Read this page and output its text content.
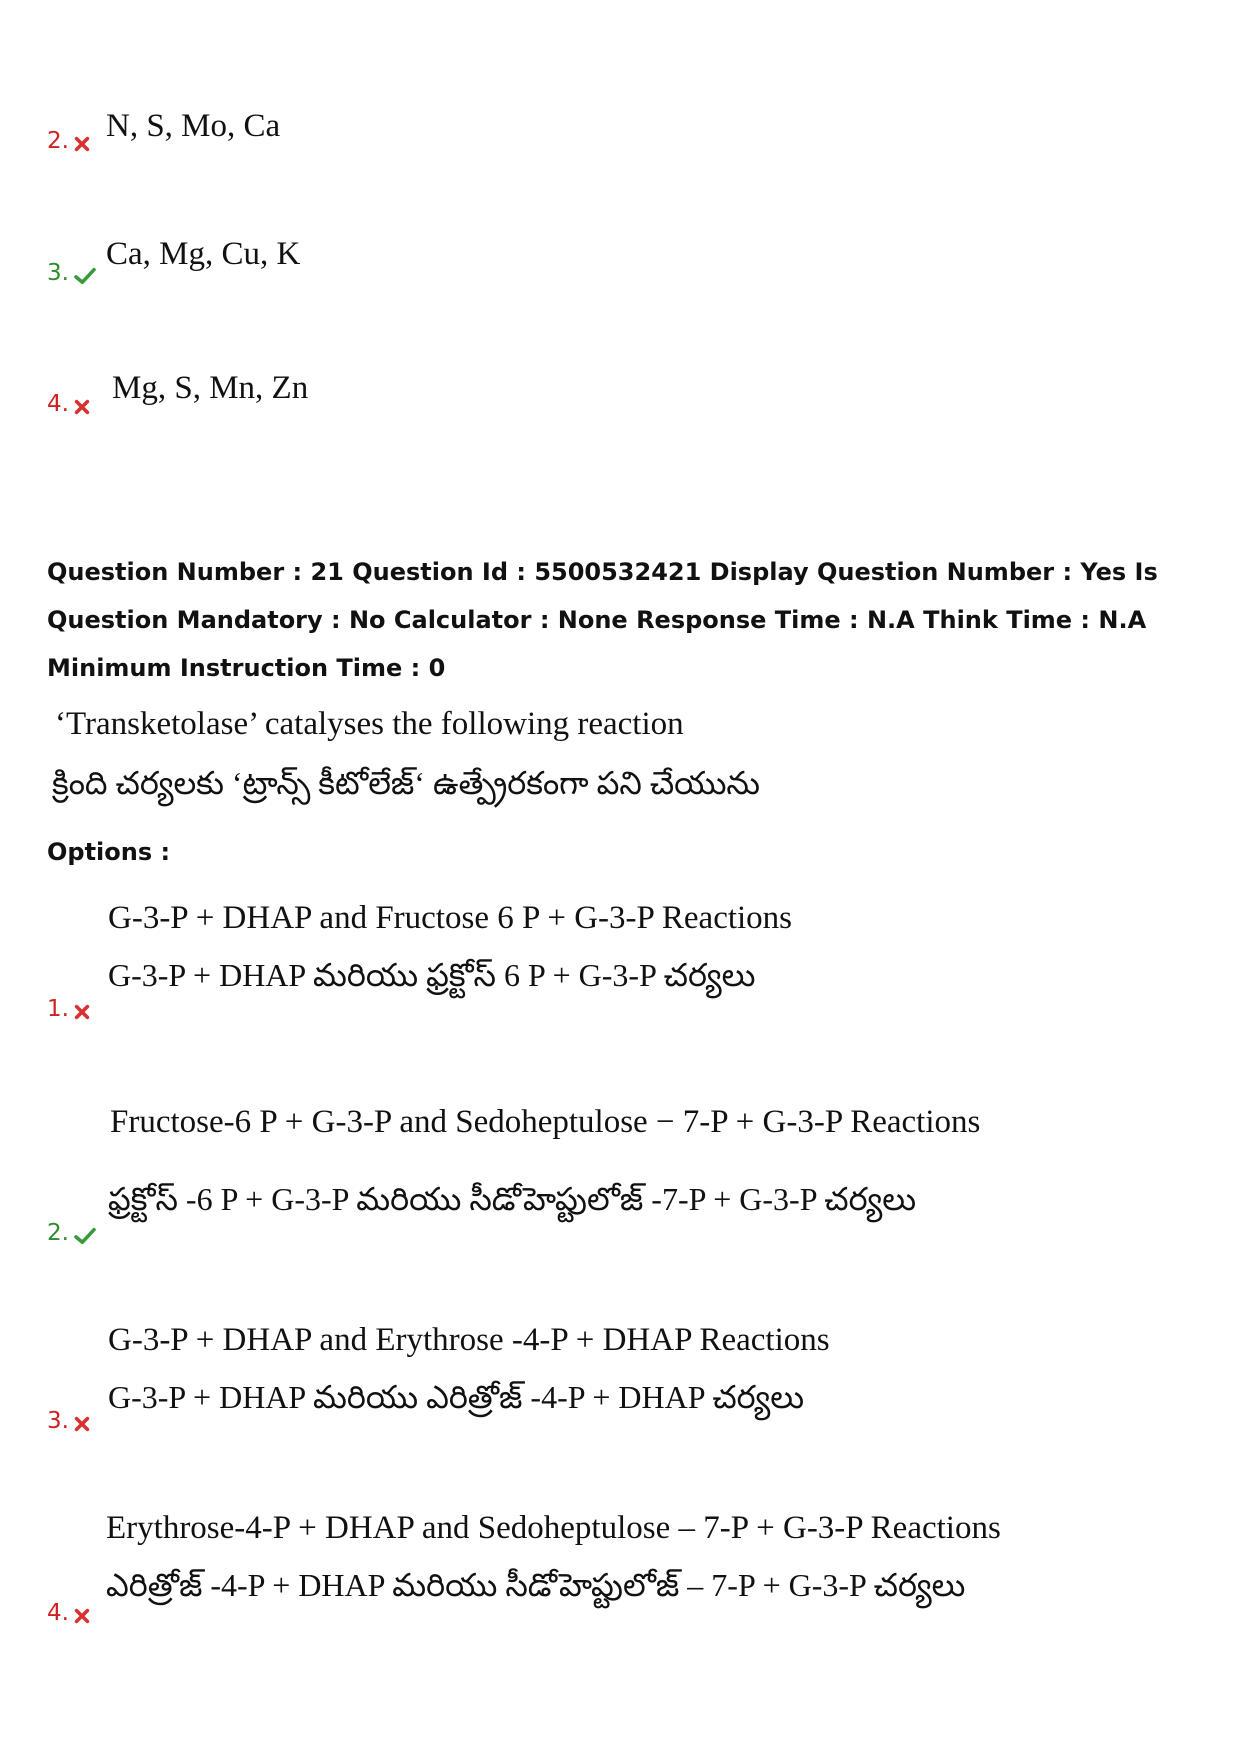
2.	N, S, Mo, Ca
3.
Ca, Mg, Cu, K
4.	Mg, S, Mn, Zn
Question Number : 21 Question Id : 5500532421 Display Question Number : Yes Is Question Mandatory : No Calculator : None Response Time : N.A Think Time : N.A Minimum Instruction Time : 0
‘Transketolase’ catalyses the following reaction
క్రింది చర్యలకు ‘ట్రాన్స్ కీటోలేజ్‘ ఉత్ప్రేరకంగా పని చేయును
Options :
G-3-P + DHAP and Fructose 6 P + G-3-P Reactions
G-3-P + DHAP మరియు ఫ్రక్టోస్ 6 P + G-3-P చర్యలు
1.
Fructose-6 P + G-3-P and Sedoheptulose − 7-P + G-3-P Reactions
ఫ్రక్టోస్ -6 P + G-3-P మరియు సీడోహెప్టులోజ్ -7-P + G-3-P చర్యలు
2.
G-3-P + DHAP and Erythrose -4-P + DHAP Reactions
G-3-P + DHAP మరియు ఎరిత్రోజ్ -4-P + DHAP చర్యలు
3.
Erythrose-4-P + DHAP and Sedoheptulose – 7-P + G-3-P Reactions
ఎరిత్రోజ్ -4-P + DHAP మరియు సీడోహెప్టులోజ్ – 7-P + G-3-P చర్యలు
4.
